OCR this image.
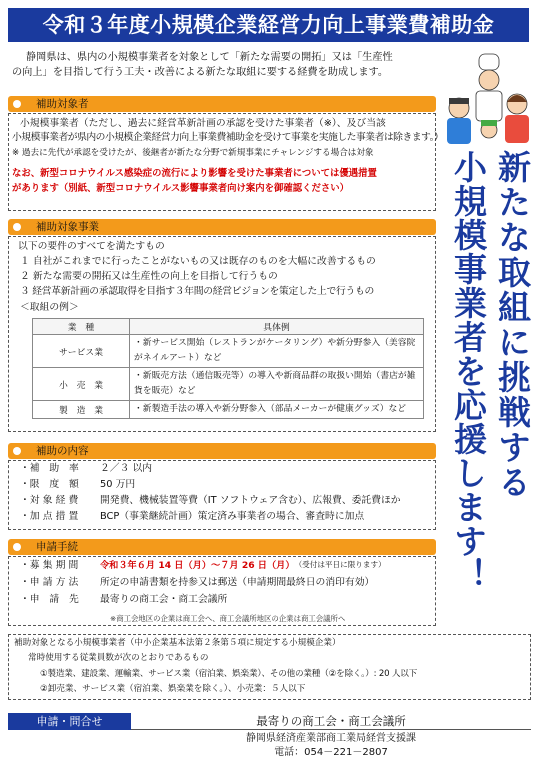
令和３年度小規模企業経営力向上事業費補助金

静岡県は、県内の小規模事業者を対象として「新たな需要の開拓」又は「生産性

の向上」を目指して行う工夫・改善による新たな取組に要する経費を助成します。

新たな取組に挑戦する
小規模事業者を応援します！
補助対象者
小規模事業者（ただし、過去に経営革新計画の承認を受けた事業者（※）、及び当該
小規模事業者が県内の小規模企業経営力向上事業費補助金を受けて事業を実施した事業者は除きます。）
※ 過去に先代が承認を受けたが、後継者が新たな分野で新規事業にチャレンジする場合は対象
なお、新型コロナウイルス感染症の流行により影響を受けた事業者については優遇措置
があります（別紙、新型コロナウイルス影響事業者向け案内を御確認ください）
補助対象事業
以下の要件のすべてを満たすもの
１ 自社がこれまでに行ったことがないもの又は既存のものを大幅に改善するもの
２ 新たな需要の開拓又は生産性の向上を目指して行うもの
３ 経営革新計画の承認取得を目指す３年間の経営ビジョンを策定した上で行うもの
＜取組の例＞
業　種	具体例
サービス業	・新サービス開始（レストランがケータリング）や新分野参入（美容院がネイルアート）など
小　売　業	・新販売方法（通信販売等）の導入や新商品群の取扱い開始（書店が雑貨を販売）など
製　造　業	・新製造手法の導入や新分野参入（部品メーカーが健康グッズ）など
補助の内容
・補　助　率	２／３ 以内
・限　度　額	50 万円
・対 象 経 費	開発費、機械装置等費（IT ソフトウェア含む）、広報費、委託費ほか
・加 点 措 置	BCP（事業継続計画）策定済み事業者の場合、審査時に加点
申請手続
・募 集 期 間	令和３年６月 14 日（月）～７月 26 日（月） （受付は平日に限ります）
・申 請 方 法	所定の申請書類を持参又は郵送（申請期間最終日の消印有効）
・申　請　先	最寄りの商工会・商工会議所
※商工会地区の企業は商工会へ、商工会議所地区の企業は商工会議所へ
補助対象となる小規模事業者（中小企業基本法第２条第５項に規定する小規模企業）
常時使用する従業員数が次のとおりであるもの
①製造業、建設業、運輸業、サービス業（宿泊業、娯楽業）、その他の業種（②を除く。）: 20 人以下
②卸売業、サービス業（宿泊業、娯楽業を除く。）、小売業：５人以下
申請・問合せ	最寄りの商工会・商工会議所
静岡県経済産業部商工業局経営支援課
電話：054－221－2807
